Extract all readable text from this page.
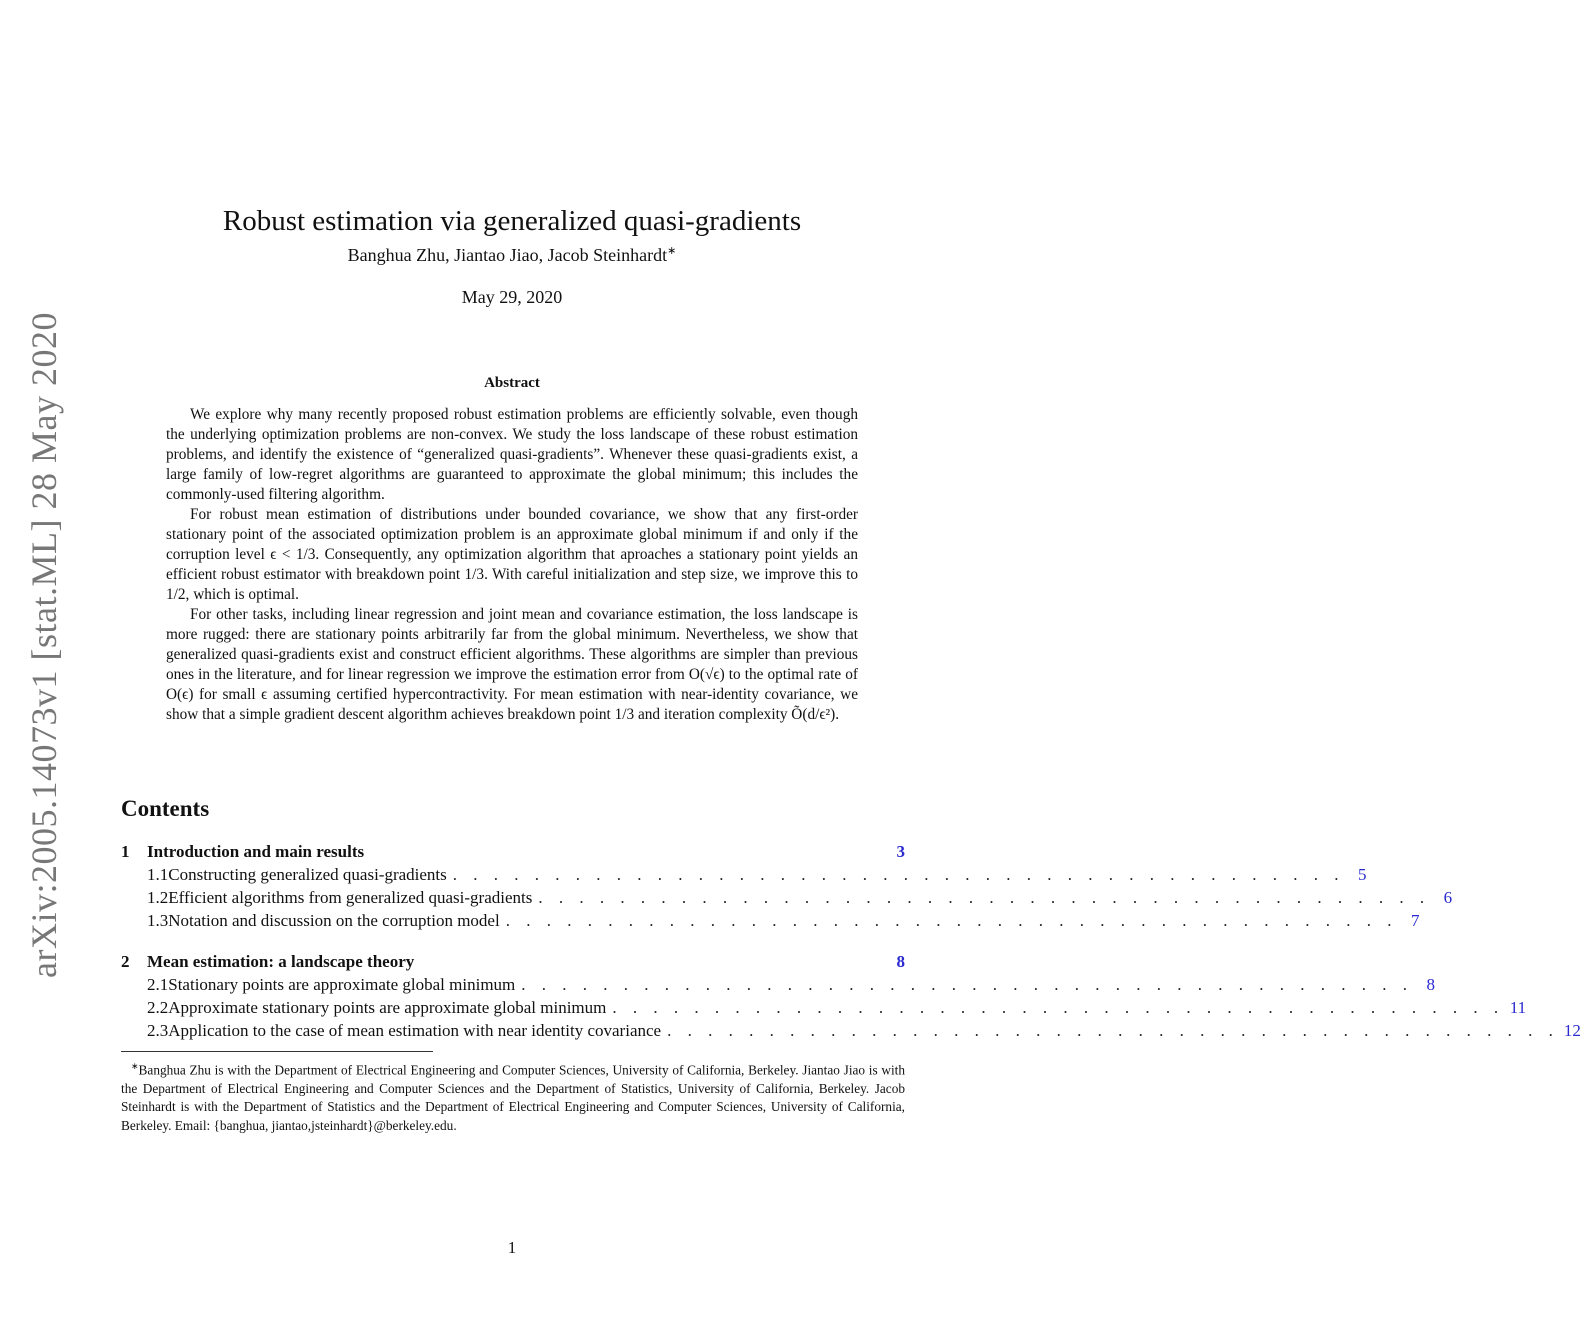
arXiv:2005.14073v1 [stat.ML] 28 May 2020
Robust estimation via generalized quasi-gradients
Banghua Zhu, Jiantao Jiao, Jacob Steinhardt∗
May 29, 2020
Abstract

We explore why many recently proposed robust estimation problems are efficiently solvable, even though the underlying optimization problems are non-convex. We study the loss landscape of these robust estimation problems, and identify the existence of “generalized quasi-gradients”. Whenever these quasi-gradients exist, a large family of low-regret algorithms are guaranteed to approximate the global minimum; this includes the commonly-used filtering algorithm.

For robust mean estimation of distributions under bounded covariance, we show that any first-order stationary point of the associated optimization problem is an approximate global minimum if and only if the corruption level ϵ < 1/3. Consequently, any optimization algorithm that aproaches a stationary point yields an efficient robust estimator with breakdown point 1/3. With careful initialization and step size, we improve this to 1/2, which is optimal.

For other tasks, including linear regression and joint mean and covariance estimation, the loss landscape is more rugged: there are stationary points arbitrarily far from the global minimum. Nevertheless, we show that generalized quasi-gradients exist and construct efficient algorithms. These algorithms are simpler than previous ones in the literature, and for linear regression we improve the estimation error from O(√ϵ) to the optimal rate of O(ϵ) for small ϵ assuming certified hypercontractivity. For mean estimation with near-identity covariance, we show that a simple gradient descent algorithm achieves breakdown point 1/3 and iteration complexity Õ(d/ϵ²).

Contents
1	Introduction and main results	3
1.1 Constructing generalized quasi-gradients . . . . . . . . . . . . . . . . . . . . . . . . . . . . . . . . . . . . . . . . . . . . 5
1.2 Efficient algorithms from generalized quasi-gradients . . . . . . . . . . . . . . . . . . . . . . . . . . . . . . . . . . . . . . . . . . . . 6
1.3 Notation and discussion on the corruption model . . . . . . . . . . . . . . . . . . . . . . . . . . . . . . . . . . . . . . . . . . . . 7
2	Mean estimation: a landscape theory	8
2.1 Stationary points are approximate global minimum . . . . . . . . . . . . . . . . . . . . . . . . . . . . . . . . . . . . . . . . . . . . 8
2.2 Approximate stationary points are approximate global minimum . . . . . . . . . . . . . . . . . . . . . . . . . . . . . . . . . . . . . . . . . . . . 11
2.3 Application to the case of mean estimation with near identity covariance . . . . . . . . . . . . . . . . . . . . . . . . . . . . . . . . . . . . . . . . . . . . 12
∗Banghua Zhu is with the Department of Electrical Engineering and Computer Sciences, University of California, Berkeley. Jiantao Jiao is with the Department of Electrical Engineering and Computer Sciences and the Department of Statistics, University of California, Berkeley. Jacob Steinhardt is with the Department of Statistics and the Department of Electrical Engineering and Computer Sciences, University of California, Berkeley. Email: {banghua, jiantao,jsteinhardt}@berkeley.edu.
1
